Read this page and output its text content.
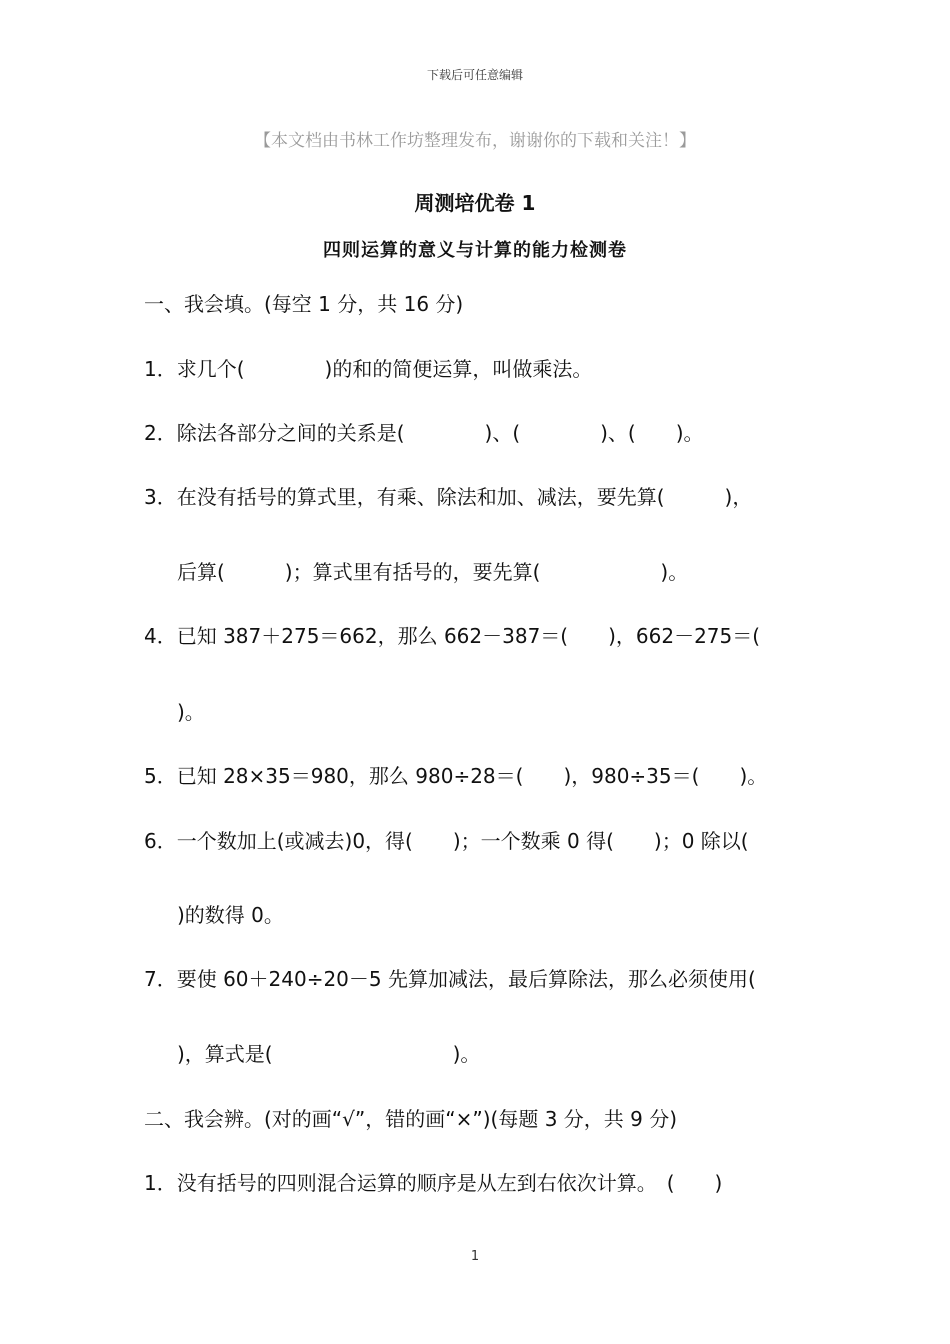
下载后可任意编辑
【本文档由书林工作坊整理发布，谢谢你的下载和关注！】
周测培优卷 1
四则运算的意义与计算的能力检测卷
一、我会填。(每空 1 分，共 16 分)
1．求几个(　　　　)的和的简便运算，叫做乘法。
2．除法各部分之间的关系是(　　　　)、(　　　　)、(　　)。
3．在没有括号的算式里，有乘、除法和加、减法，要先算(　　　)，
后算(　　　)；算式里有括号的，要先算(　　　　　　)。
4．已知 387＋275＝662，那么 662－387＝(　　)，662－275＝(
)。
5．已知 28×35＝980，那么 980÷28＝(　　)，980÷35＝(　　)。
6．一个数加上(或减去)0，得(　　)；一个数乘 0 得(　　)；0 除以(
)的数得 0。
7．要使 60＋240÷20－5 先算加减法，最后算除法，那么必须使用(
)，算式是(　　　　　　　　　)。
二、我会辨。(对的画“√”，错的画“×”)(每题 3 分，共 9 分)
1．没有括号的四则混合运算的顺序是从左到右依次计算。　(　　)
1
